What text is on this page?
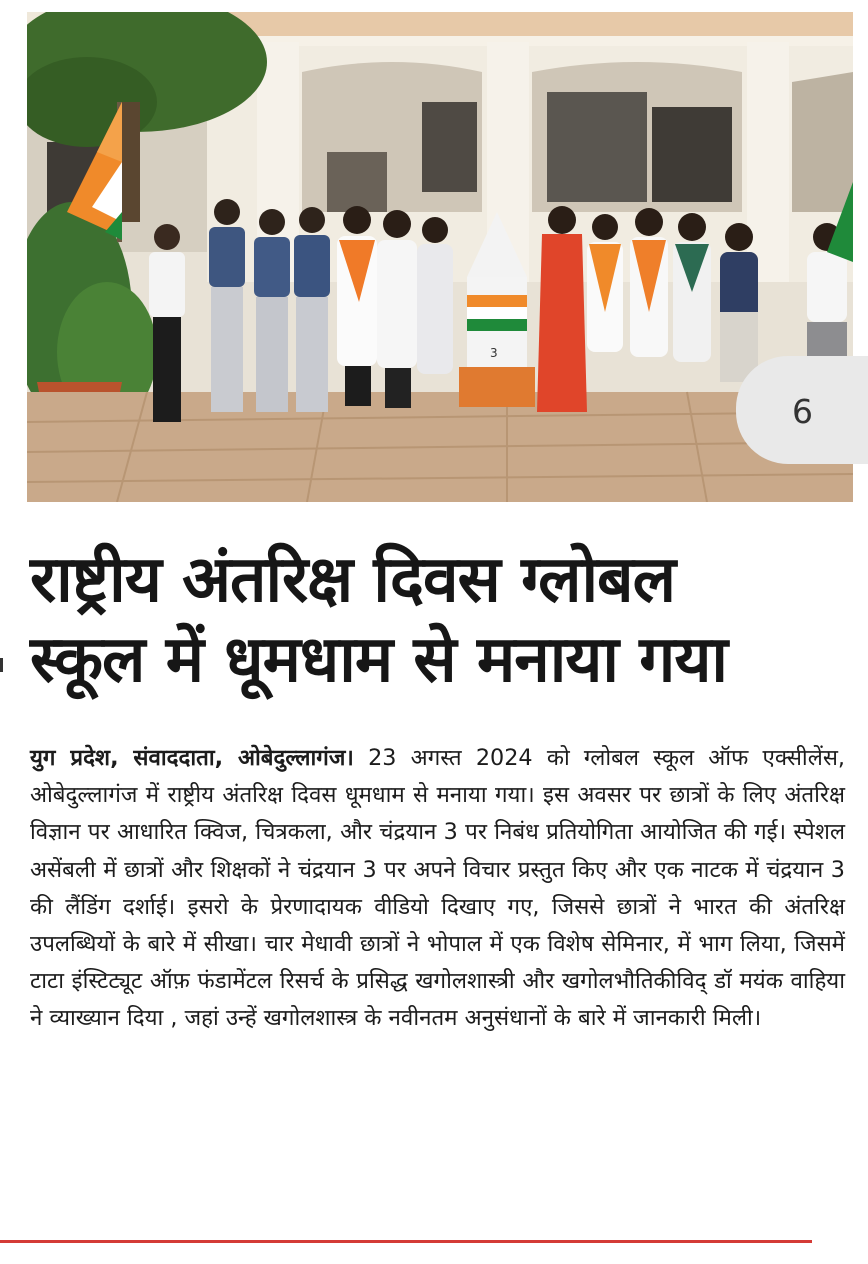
3
6
राष्ट्रीय अंतरिक्ष दिवस ग्लोबल
स्कूल में धूमधाम से मनाया गया

युग प्रदेश, संवाददाता, ओबेदुल्लागंज। 23 अगस्त 2024 को ग्लोबल स्कूल ऑफ एक्सीलेंस, ओबेदुल्लागंज में राष्ट्रीय अंतरिक्ष दिवस धूमधाम से मनाया गया। इस अवसर पर छात्रों के लिए अंतरिक्ष विज्ञान पर आधारित क्विज, चित्रकला, और चंद्रयान 3 पर निबंध प्रतियोगिता आयोजित की गई। स्पेशल असेंबली में छात्रों और शिक्षकों ने चंद्रयान 3 पर अपने विचार प्रस्तुत किए और एक नाटक में चंद्रयान 3 की लैंडिंग दर्शाई। इसरो के प्रेरणादायक वीडियो दिखाए गए, जिससे छात्रों ने भारत की अंतरिक्ष उपलब्धियों के बारे में सीखा। चार मेधावी छात्रों ने भोपाल में एक विशेष सेमिनार, में भाग लिया, जिसमें टाटा इंस्टिट्यूट ऑफ़ फंडामेंटल रिसर्च के प्रसिद्ध खगोलशास्त्री और खगोलभौतिकीविद् डॉ मयंक वाहिया ने व्याख्यान दिया , जहां उन्हें खगोलशास्त्र के नवीनतम अनुसंधानों के बारे में जानकारी मिली।
